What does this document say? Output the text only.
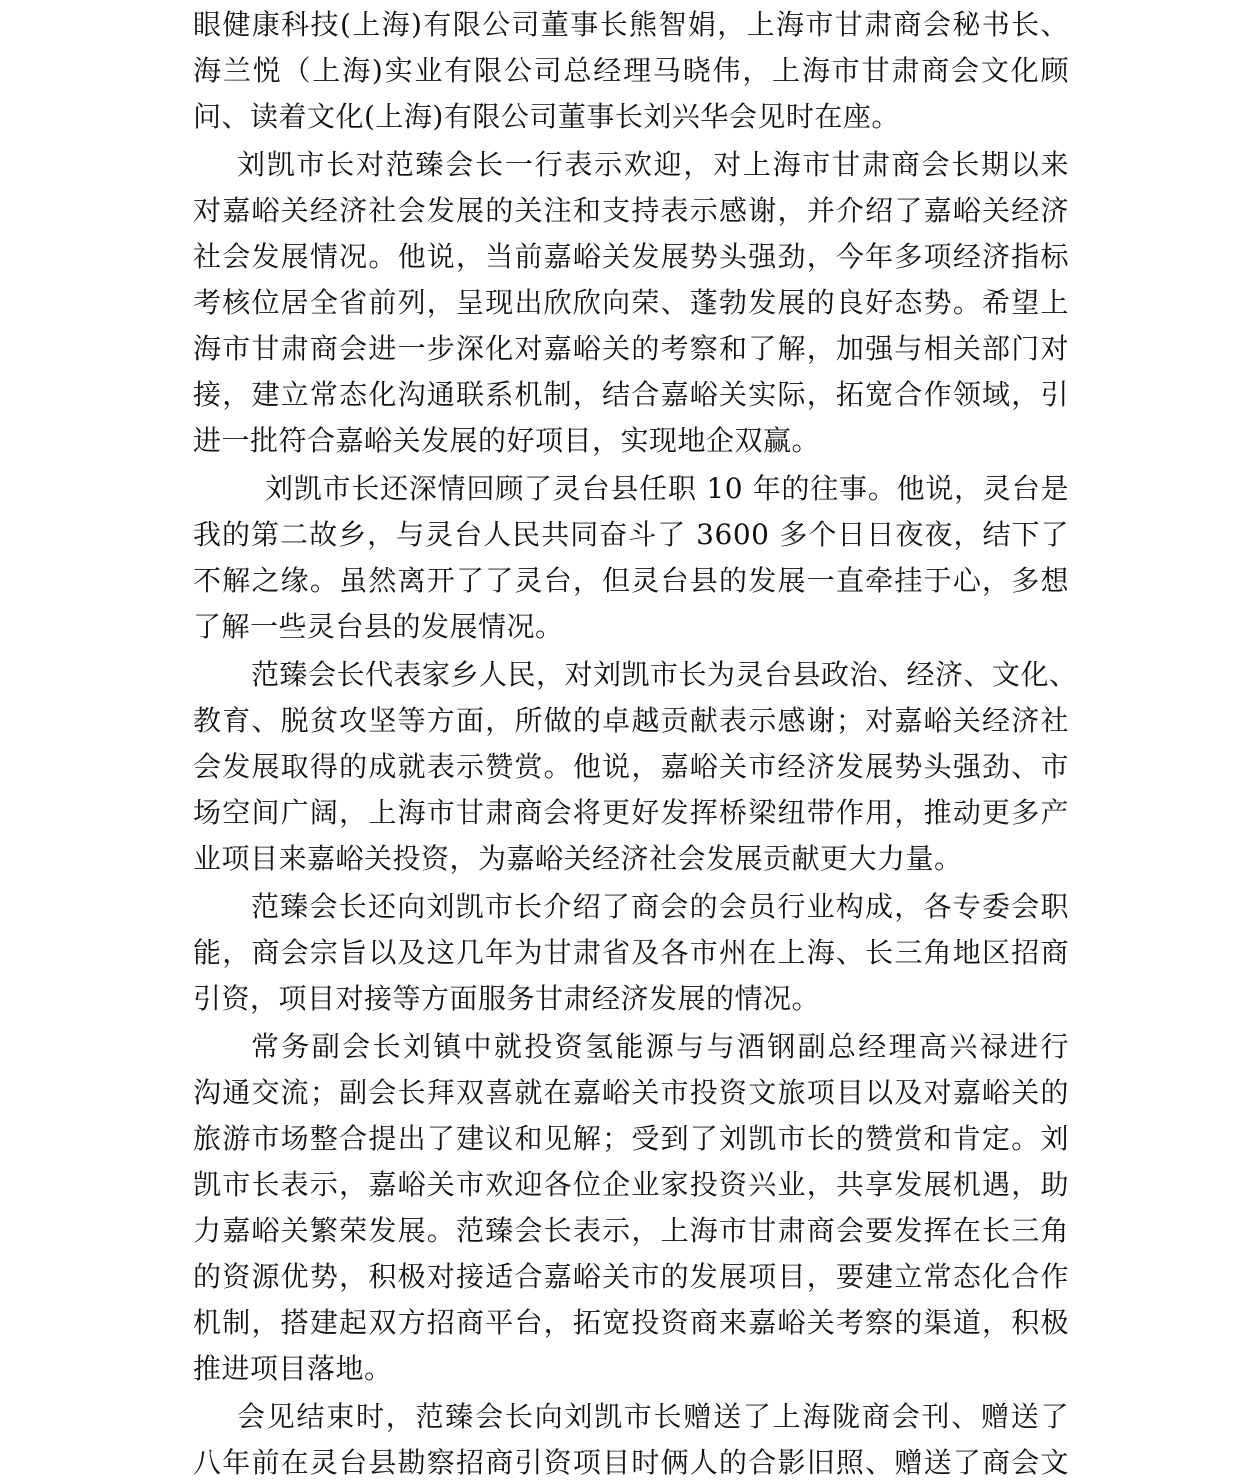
眼健康科技(上海)有限公司董事长熊智娟，上海市甘肃商会秘书长、
海兰悦（上海)实业有限公司总经理马晓伟，上海市甘肃商会文化顾
问、读着文化(上海)有限公司董事长刘兴华会见时在座。
刘凯市长对范臻会长一行表示欢迎，对上海市甘肃商会长期以来
对嘉峪关经济社会发展的关注和支持表示感谢，并介绍了嘉峪关经济
社会发展情况。他说，当前嘉峪关发展势头强劲，今年多项经济指标
考核位居全省前列，呈现出欣欣向荣、蓬勃发展的良好态势。希望上
海市甘肃商会进一步深化对嘉峪关的考察和了解，加强与相关部门对
接，建立常态化沟通联系机制，结合嘉峪关实际，拓宽合作领域，引
进一批符合嘉峪关发展的好项目，实现地企双赢。
刘凯市长还深情回顾了灵台县任职 10 年的往事。他说，灵台是
我的第二故乡，与灵台人民共同奋斗了 3600 多个日日夜夜，结下了
不解之缘。虽然离开了了灵台，但灵台县的发展一直牵挂于心，多想
了解一些灵台县的发展情况。
范臻会长代表家乡人民，对刘凯市长为灵台县政治、经济、文化、
教育、脱贫攻坚等方面，所做的卓越贡献表示感谢；对嘉峪关经济社
会发展取得的成就表示赞赏。他说，嘉峪关市经济发展势头强劲、市
场空间广阔，上海市甘肃商会将更好发挥桥梁纽带作用，推动更多产
业项目来嘉峪关投资，为嘉峪关经济社会发展贡献更大力量。
范臻会长还向刘凯市长介绍了商会的会员行业构成，各专委会职
能，商会宗旨以及这几年为甘肃省及各市州在上海、长三角地区招商
引资，项目对接等方面服务甘肃经济发展的情况。
常务副会长刘镇中就投资氢能源与与酒钢副总经理高兴禄进行
沟通交流；副会长拜双喜就在嘉峪关市投资文旅项目以及对嘉峪关的
旅游市场整合提出了建议和见解；受到了刘凯市长的赞赏和肯定。刘
凯市长表示，嘉峪关市欢迎各位企业家投资兴业，共享发展机遇，助
力嘉峪关繁荣发展。范臻会长表示，上海市甘肃商会要发挥在长三角
的资源优势，积极对接适合嘉峪关市的发展项目，要建立常态化合作
机制，搭建起双方招商平台，拓宽投资商来嘉峪关考察的渠道，积极
推进项目落地。
会见结束时，范臻会长向刘凯市长赠送了上海陇商会刊、赠送了
八年前在灵台县勘察招商引资项目时俩人的合影旧照、赠送了商会文
